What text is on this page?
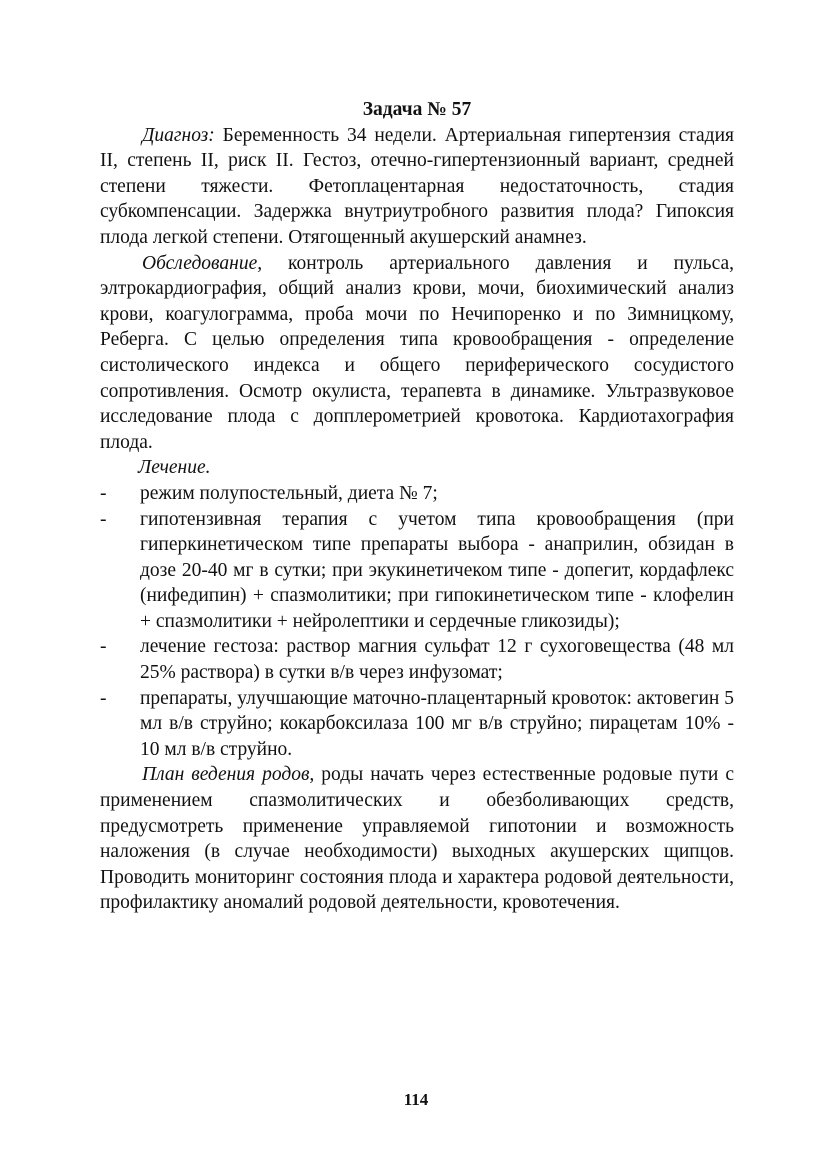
Задача № 57

Диагноз: Беременность 34 недели. Артериальная гипертензия стадия II, степень II, риск II. Гестоз, отечно-гипертензионный вариант, средней степени тяжести. Фетоплацентарная недостаточность, стадия субкомпенсации. Задержка внутриутробного развития плода? Гипоксия плода легкой степени. Отягощенный акушерский анамнез.

Обследование, контроль артериального давления и пульса, элтрокардиография, общий анализ крови, мочи, биохимический анализ крови, коагулограмма, проба мочи по Нечипоренко и по Зимницкому, Реберга. С целью определения типа кровообращения - определение систолического индекса и общего периферического сосудистого сопротивления. Осмотр окулиста, терапевта в динамике. Ультразвуковое исследование плода с допплерометрией кровотока. Кардиотахография плода.

Лечение.

- режим полупостельный, диета № 7;
- гипотензивная терапия с учетом типа кровообращения (при гиперкинетическом типе препараты выбора - анаприлин, обзидан в дозе 20-40 мг в сутки; при экукинетичеком типе - допегит, кордафлекс (нифедипин) + спазмолитики; при гипокинетическом типе - клофелин + спазмолитики + нейролептики и сердечные гликозиды);
- лечение гестоза: раствор магния сульфат 12 г сухоговещества (48 мл 25% раствора) в сутки в/в через инфузомат;
- препараты, улучшающие маточно-плацентарный кровоток: актовегин 5 мл в/в струйно; кокарбоксилаза 100 мг в/в струйно; пирацетам 10% - 10 мл в/в струйно.

План ведения родов, роды начать через естественные родовые пути с применением спазмолитических и обезболивающих средств, предусмотреть применение управляемой гипотонии и возможность наложения (в случае необходимости) выходных акушерских щипцов. Проводить мониторинг состояния плода и характера родовой деятельности, профилактику аномалий родовой деятельности, кровотечения.

114
